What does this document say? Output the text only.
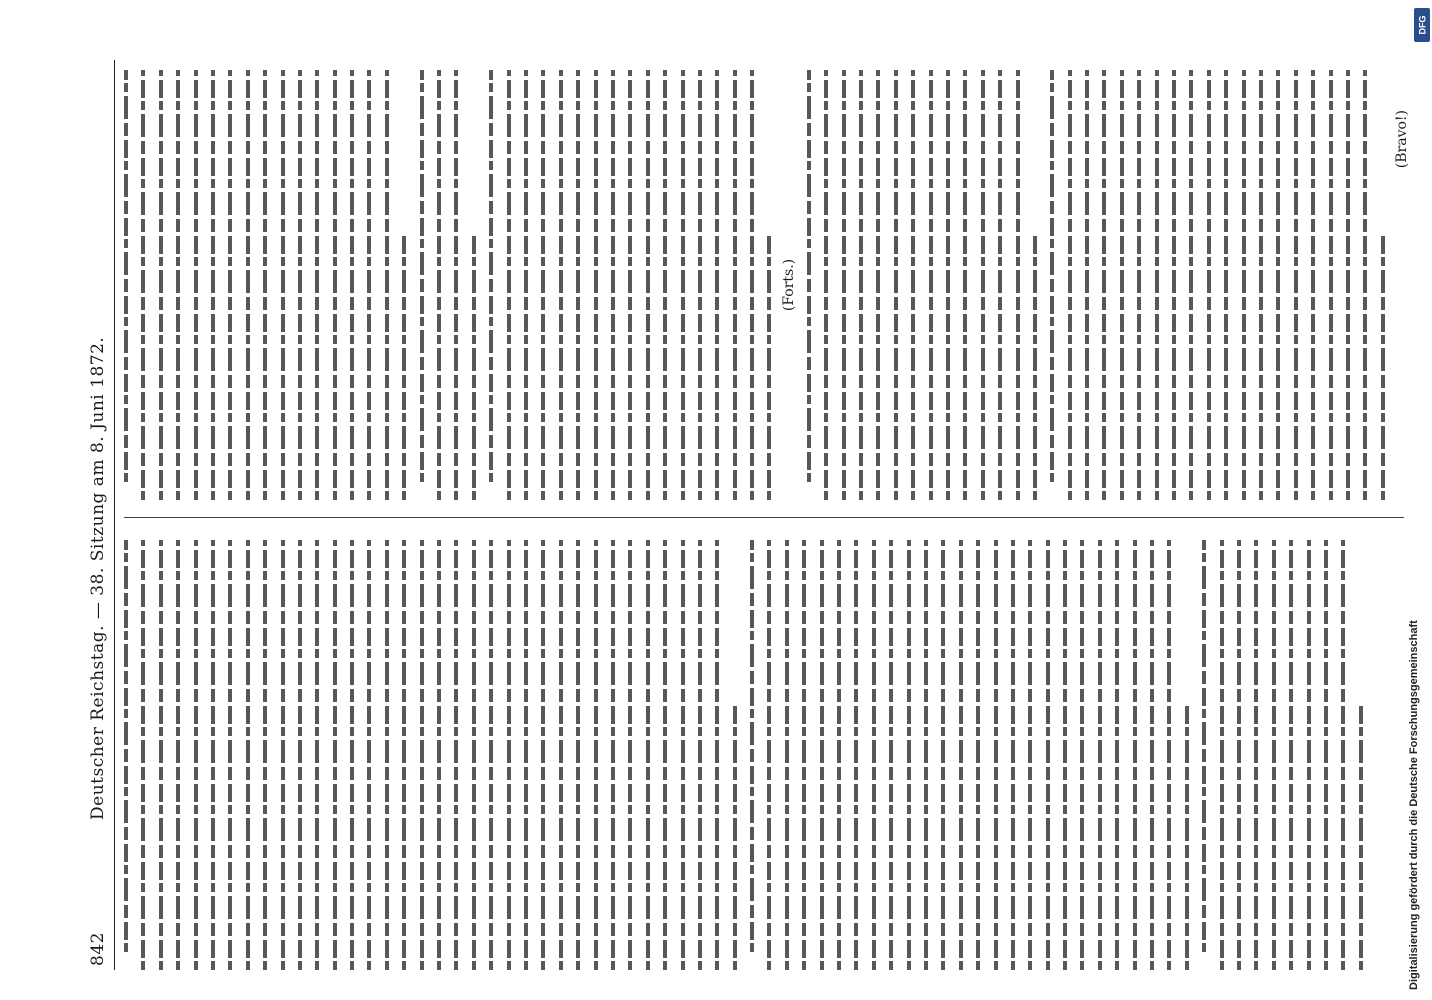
842
Deutscher Reichstag. — 38. Sitzung am 8. Juni 1872.
(Forts.)
(Bravo!)
DFG
Digitalisierung gefördert durch die Deutsche Forschungsgemeinschaft
